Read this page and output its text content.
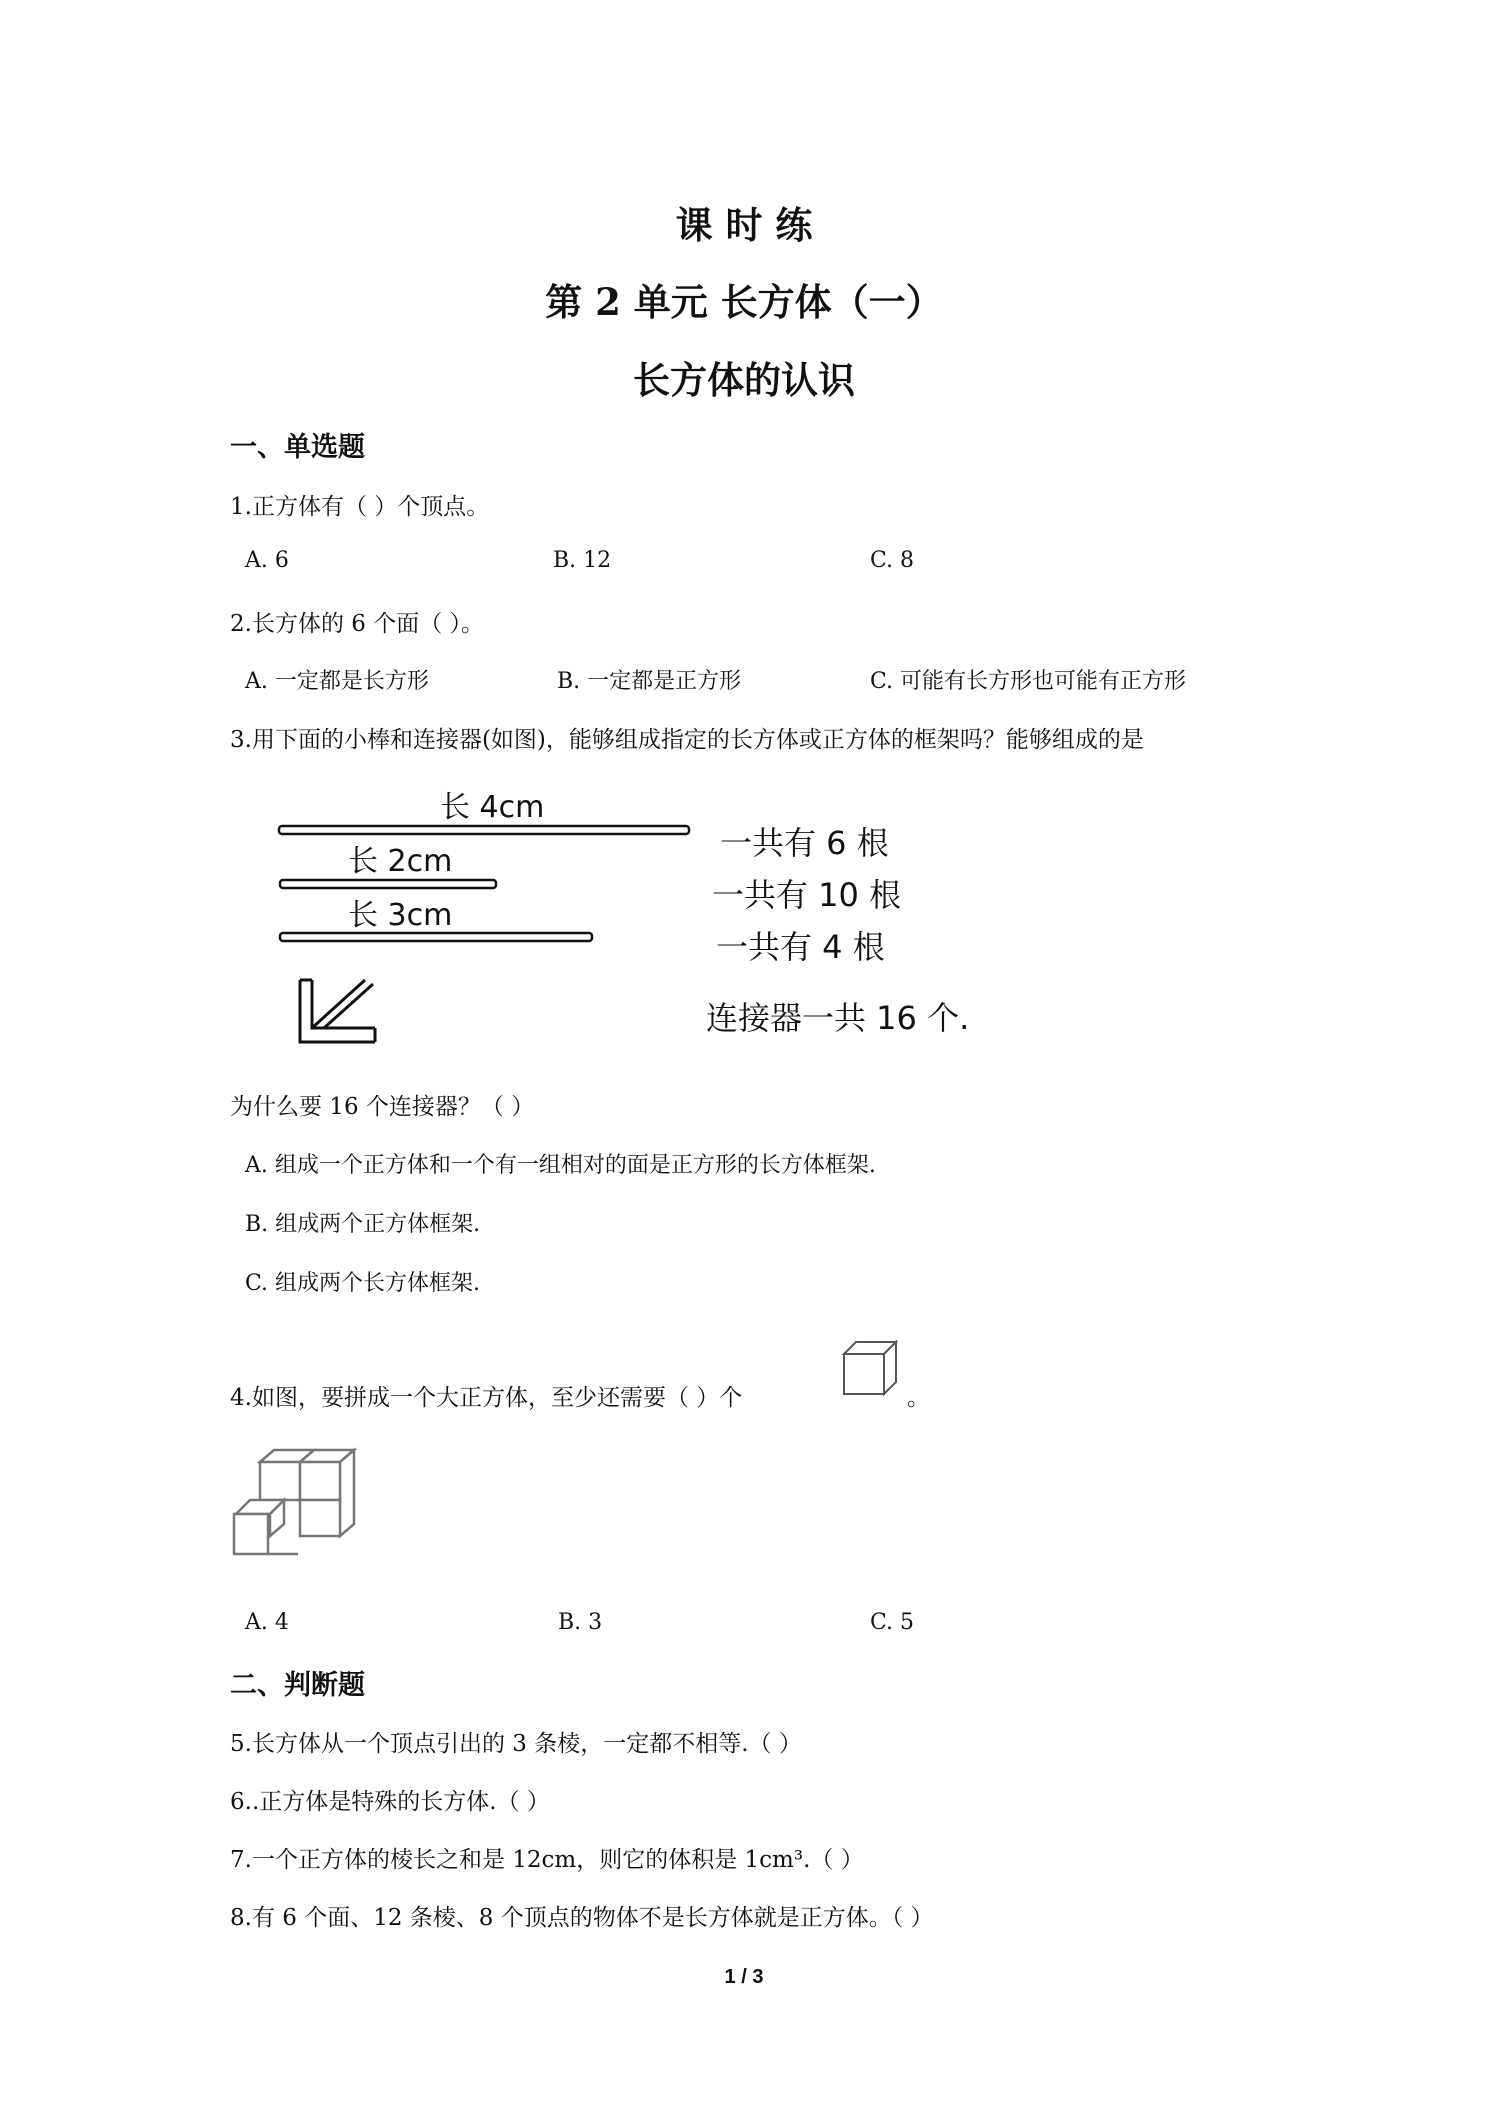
课 时 练
第 2 单元 长方体（一）
长方体的认识
一、单选题
1.正方体有（ ）个顶点。
A. 6	B. 12	C. 8
2.长方体的 6 个面（ ）。
A. 一定都是长方形	B. 一定都是正方形	C. 可能有长方形也可能有正方形
3.用下面的小棒和连接器(如图)，能够组成指定的长方体或正方体的框架吗？能够组成的是
长 4cm
长 2cm
长 3cm
一共有 6 根
一共有 10 根
一共有 4 根
连接器一共 16 个.
为什么要 16 个连接器？（ ）
A. 组成一个正方体和一个有一组相对的面是正方形的长方体框架.
B. 组成两个正方体框架.
C. 组成两个长方体框架.
4.如图，要拼成一个大正方体，至少还需要（ ）个	。
A. 4	B. 3	C. 5
二、判断题
5.长方体从一个顶点引出的 3 条棱，一定都不相等.（ ）
6..正方体是特殊的长方体.（ ）
7.一个正方体的棱长之和是 12cm，则它的体积是 1cm³.（ ）
8.有 6 个面、12 条棱、8 个顶点的物体不是长方体就是正方体。（ ）
1 / 3
